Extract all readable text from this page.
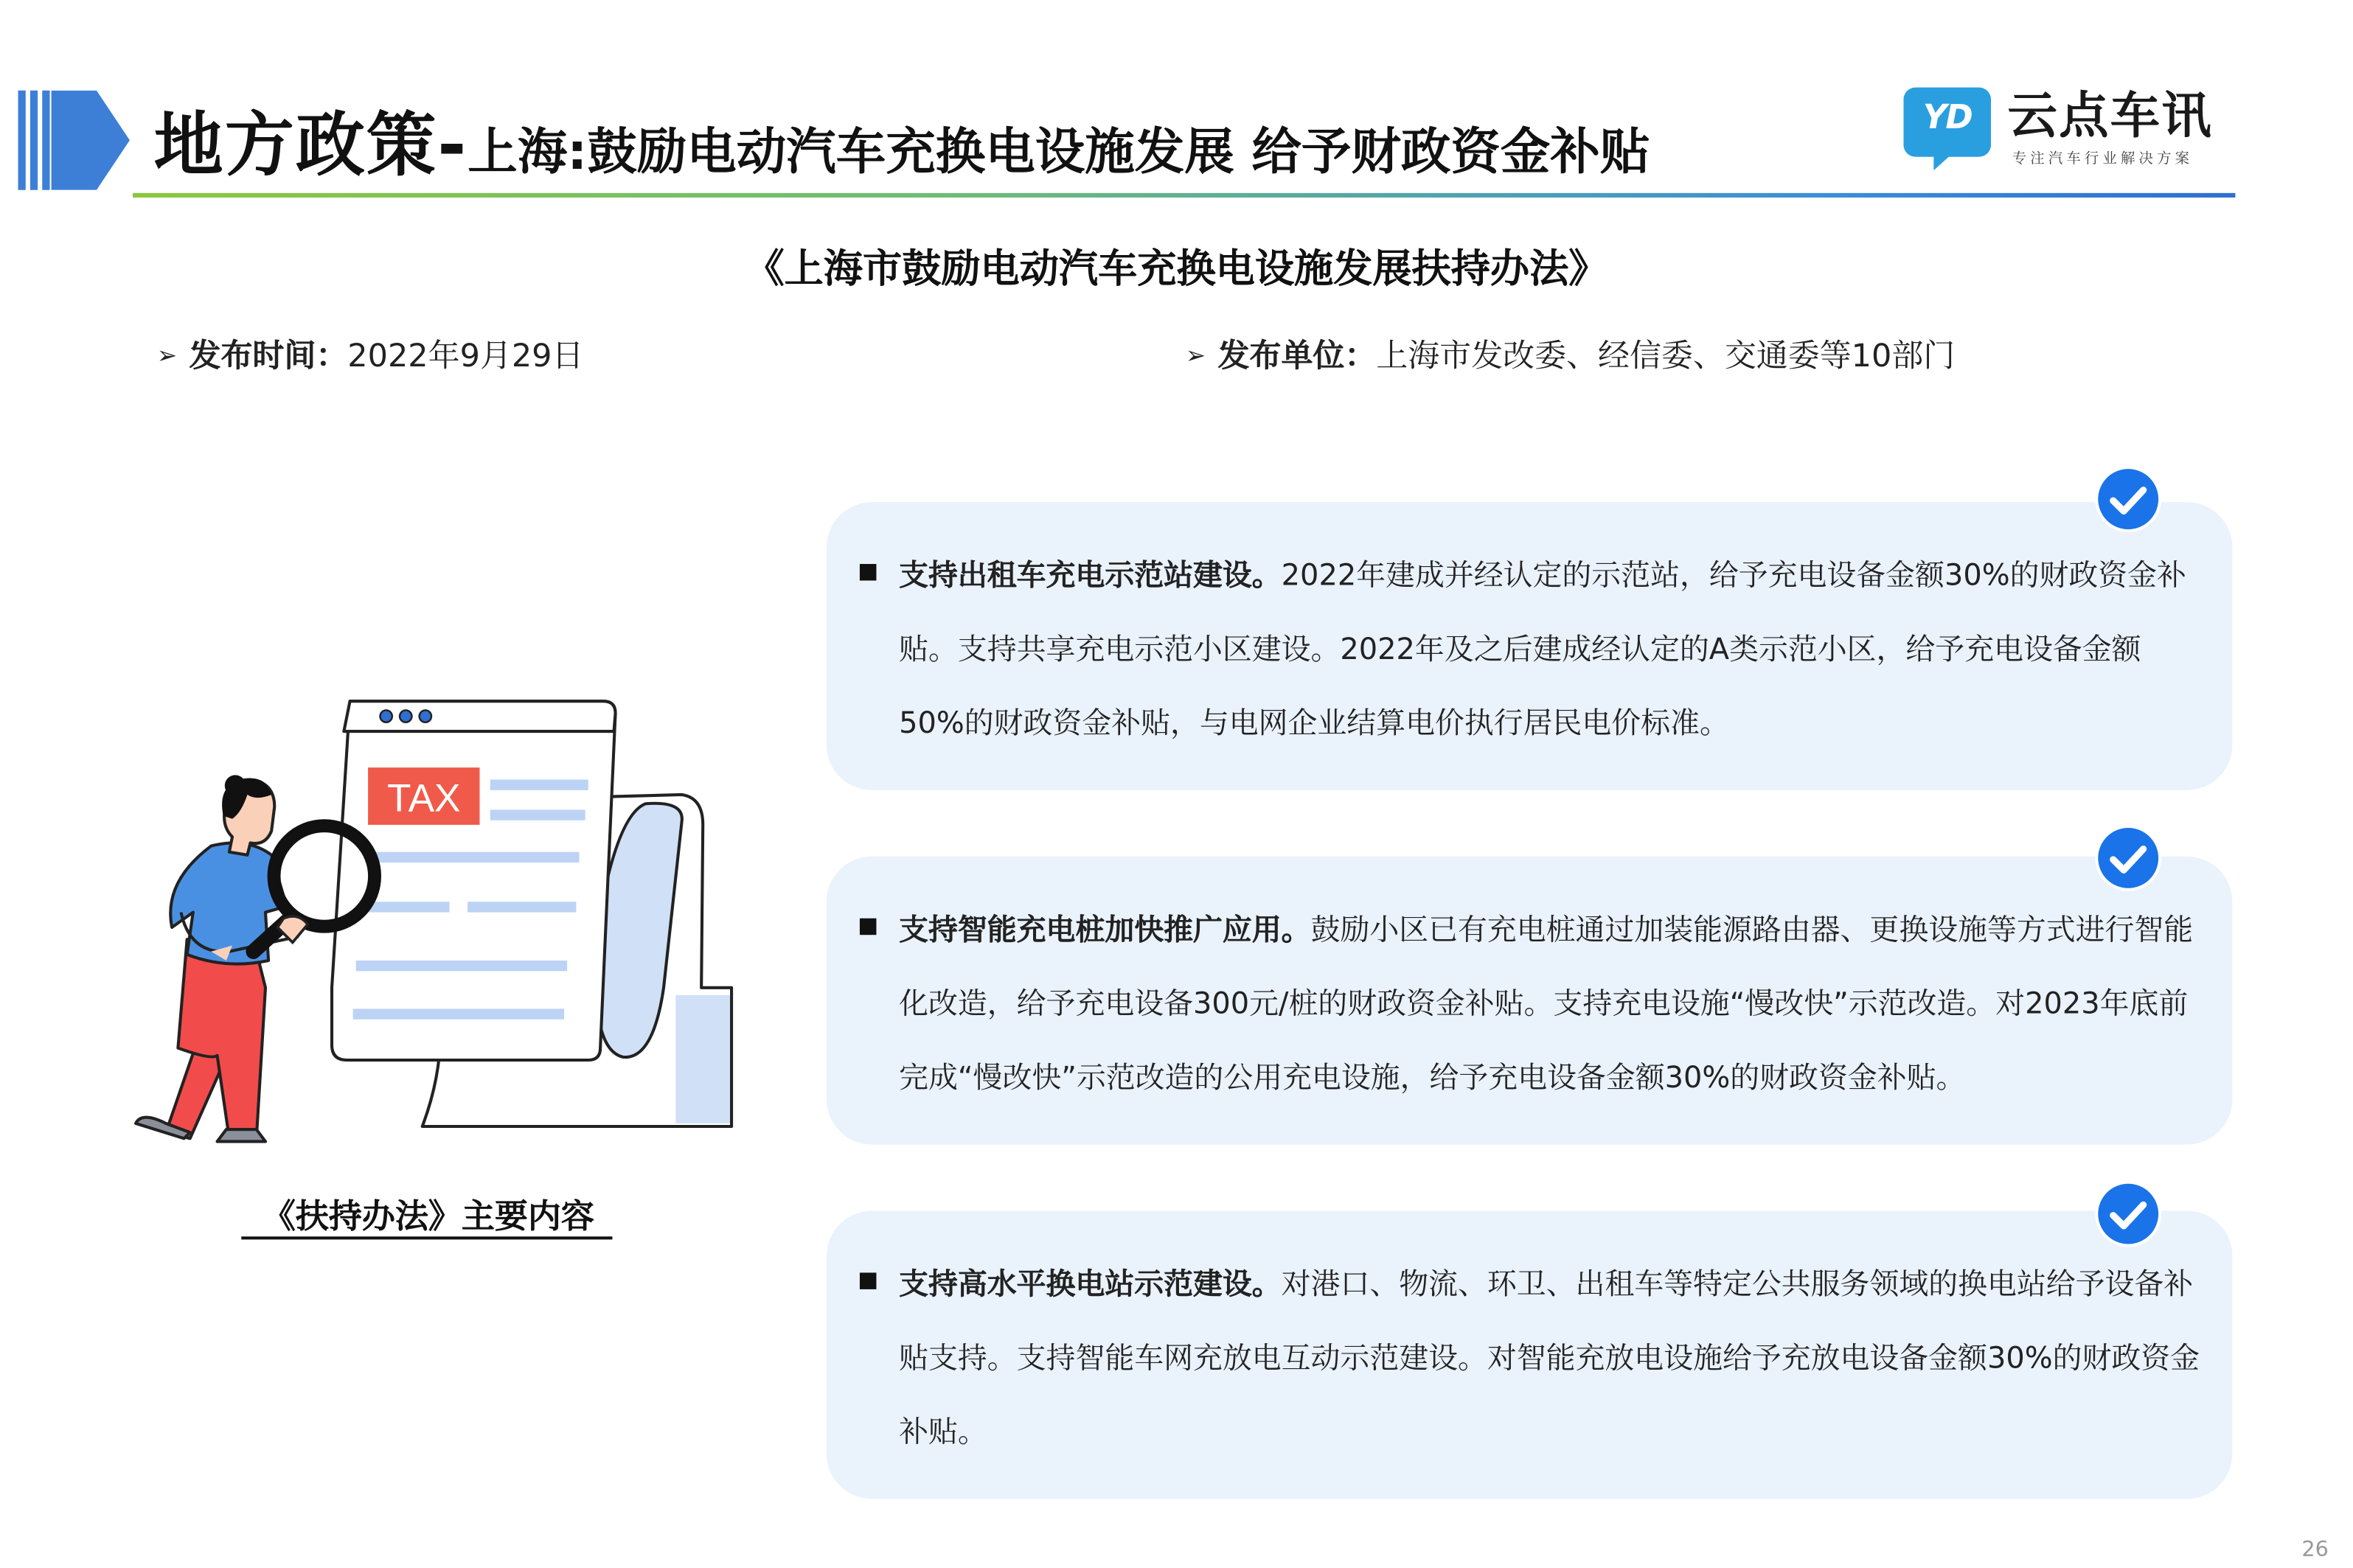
地方政策-上海:鼓励电动汽车充换电设施发展 给予财政资金补贴
YD	云点车讯
专注汽车行业解决方案
《上海市鼓励电动汽车充换电设施发展扶持办法》
➢ 发布时间：2022年9月29日	➢ 发布单位：上海市发改委、经信委、交通委等10部门
TAX
《扶持办法》主要内容
支持出租车充电示范站建设。2022年建成并经认定的示范站，给予充电设备金额30%的财政资金补贴。支持共享充电示范小区建设。2022年及之后建成经认定的A类示范小区，给予充电设备金额50%的财政资金补贴，与电网企业结算电价执行居民电价标准。
支持智能充电桩加快推广应用。鼓励小区已有充电桩通过加装能源路由器、更换设施等方式进行智能化改造，给予充电设备300元/桩的财政资金补贴。支持充电设施“慢改快”示范改造。对2023年底前完成“慢改快”示范改造的公用充电设施，给予充电设备金额30%的财政资金补贴。
支持高水平换电站示范建设。对港口、物流、环卫、出租车等特定公共服务领域的换电站给予设备补贴支持。支持智能车网充放电互动示范建设。对智能充放电设施给予充放电设备金额30%的财政资金补贴。
26
